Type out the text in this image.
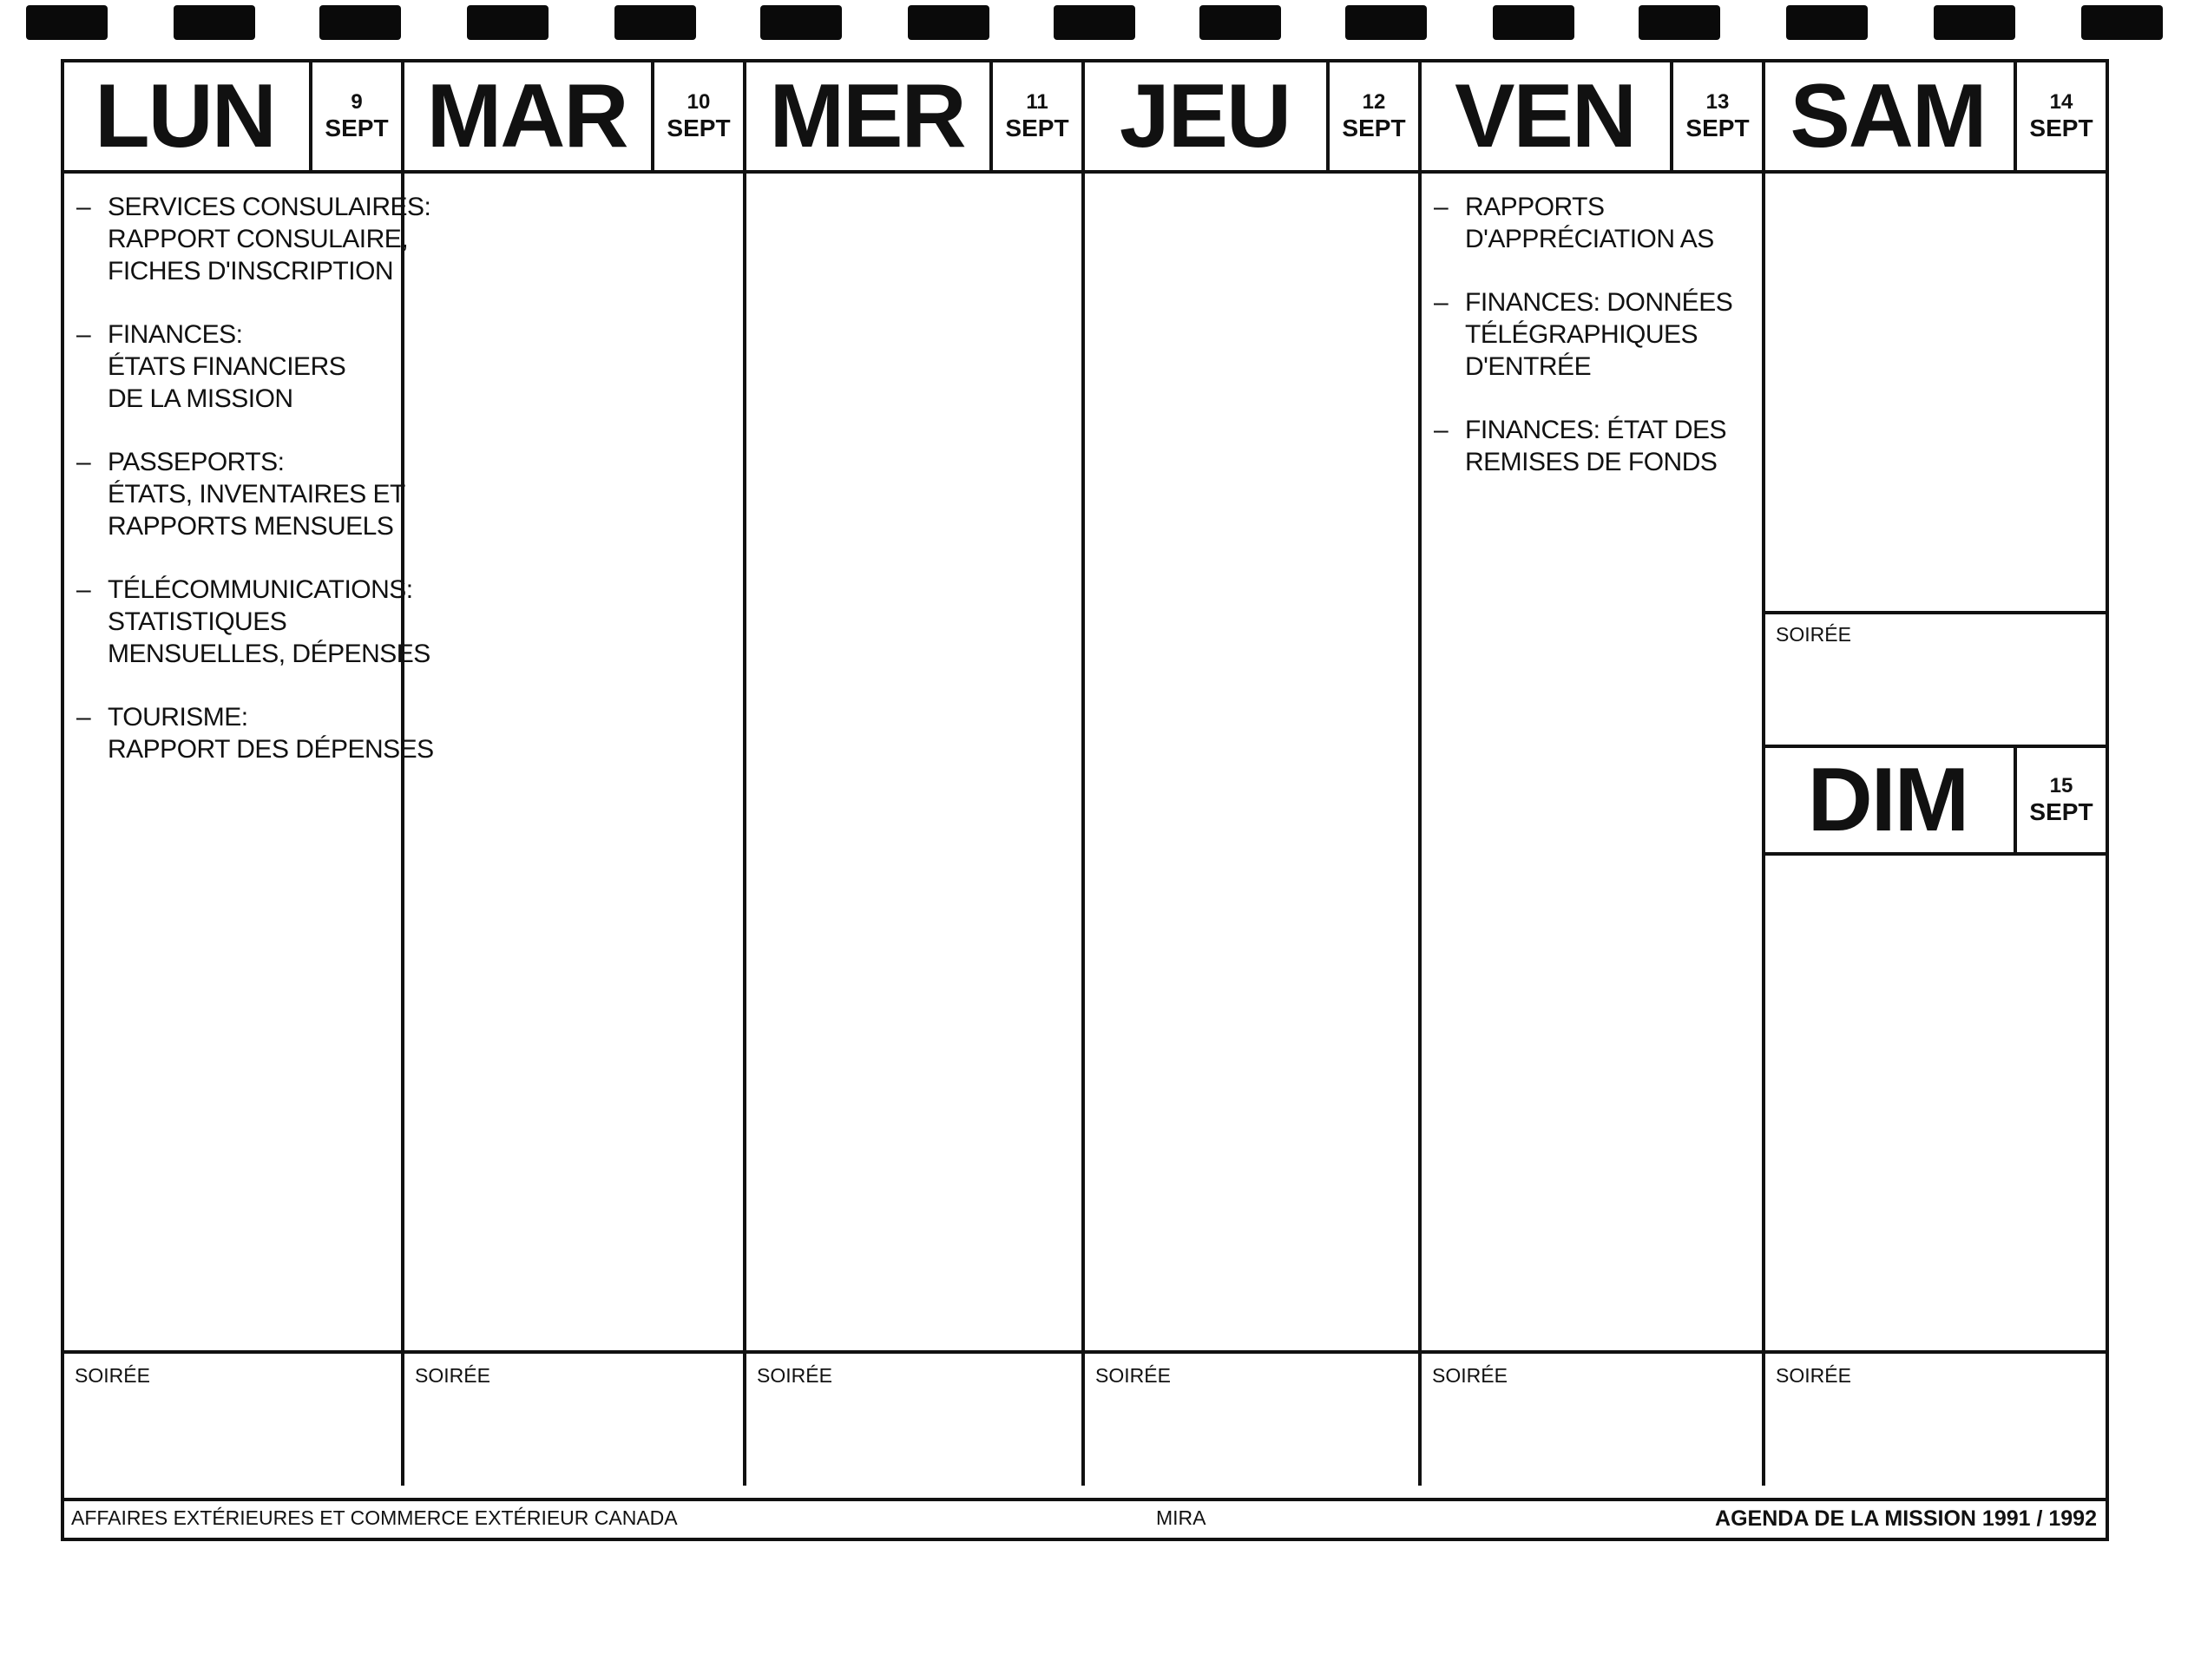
AFFAIRES EXTÉRIEURES ET COMMERCE EXTÉRIEUR CANADA	MIRA	AGENDA DE LA MISSION 1991 / 1992
LUN	9
SEPT
– SERVICES CONSULAIRES:
RAPPORT CONSULAIRE,
FICHES D'INSCRIPTION
– FINANCES:
ÉTATS FINANCIERS
DE LA MISSION
– PASSEPORTS:
ÉTATS, INVENTAIRES ET
RAPPORTS MENSUELS
– TÉLÉCOMMUNICATIONS:
STATISTIQUES
MENSUELLES, DÉPENSES
– TOURISME:
RAPPORT DES DÉPENSES
SOIRÉE
MAR	10
SEPT
SOIRÉE
MER	11
SEPT
SOIRÉE
JEU	12
SEPT
SOIRÉE
VEN	13
SEPT
– RAPPORTS
D'APPRÉCIATION AS
– FINANCES: DONNÉES
TÉLÉGRAPHIQUES
D'ENTRÉE
– FINANCES: ÉTAT DES
REMISES DE FONDS
SOIRÉE
SAM	14
SEPT
SOIRÉE
DIM	15
SEPT
SOIRÉE
